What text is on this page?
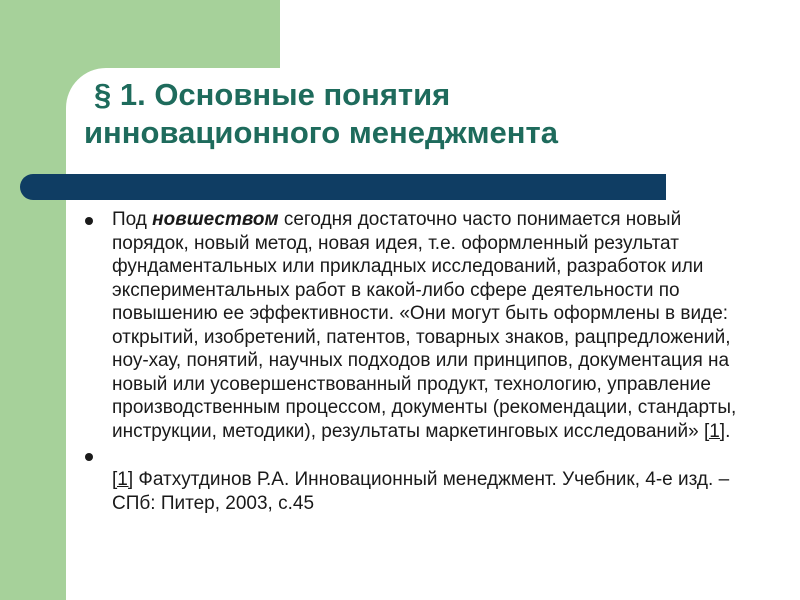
§ 1. Основные понятия
инновационного менеджмента
Под новшеством сегодня достаточно часто понимается новый порядок, новый метод, новая идея, т.е. оформленный результат фундаментальных или прикладных исследований, разработок или экспериментальных работ в какой-либо сфере деятельности по повышению ее эффективности. «Они могут быть оформлены в виде: открытий, изобретений, патентов, товарных знаков, рацпредложений, ноу-хау, понятий, научных подходов или принципов, документация на новый или усовершенствованный продукт, технологию, управление производственным процессом, документы (рекомендации, стандарты, инструкции, методики), результаты маркетинговых исследований» [1].
[1] Фатхутдинов Р.А. Инновационный менеджмент. Учебник, 4-е изд. – СПб: Питер, 2003, с.45
